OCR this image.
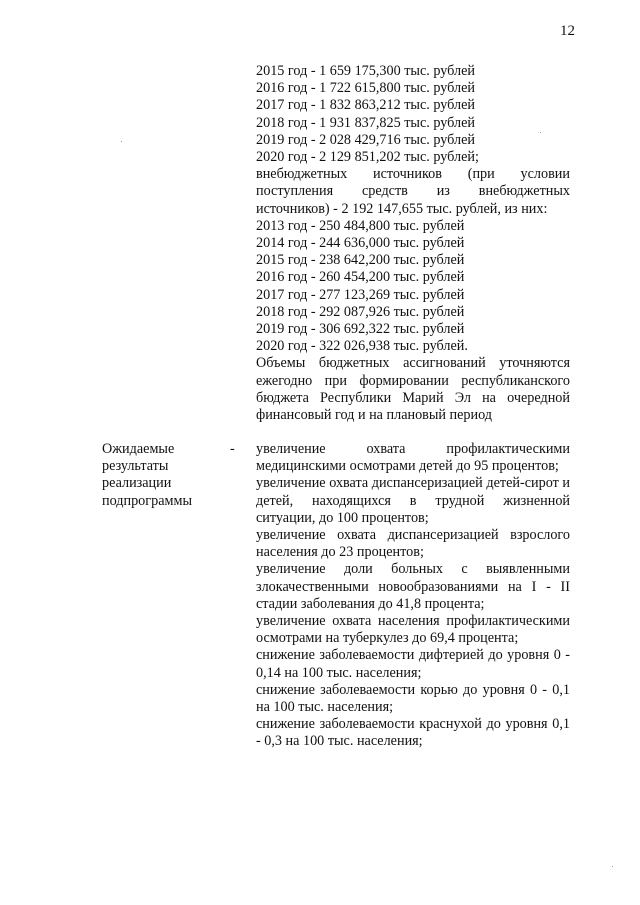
12
2015 год - 1 659 175,300 тыс. рублей
2016 год - 1 722 615,800 тыс. рублей
2017 год - 1 832 863,212 тыс. рублей
2018 год - 1 931 837,825 тыс. рублей
2019 год - 2 028 429,716 тыс. рублей
2020 год - 2 129 851,202 тыс. рублей;
внебюджетных источников (при условии поступления средств из внебюджетных источников) - 2 192 147,655 тыс. рублей, из них:
2013 год - 250 484,800 тыс. рублей
2014 год - 244 636,000 тыс. рублей
2015 год - 238 642,200 тыс. рублей
2016 год - 260 454,200 тыс. рублей
2017 год - 277 123,269 тыс. рублей
2018 год - 292 087,926 тыс. рублей
2019 год - 306 692,322 тыс. рублей
2020 год - 322 026,938 тыс. рублей.
Объемы бюджетных ассигнований уточняются ежегодно при формировании республиканского бюджета Республики Марий Эл на очередной финансовый год и на плановый период
Ожидаемые
результаты
реализации
подпрограммы
- увеличение охвата профилактическими медицинскими осмотрами детей до 95 процентов;
увеличение охвата диспансеризацией детей-сирот и детей, находящихся в трудной жизненной ситуации, до 100 процентов;
увеличение охвата диспансеризацией взрослого населения до 23 процентов;
увеличение доли больных с выявленными злокачественными новообразованиями на I - II стадии заболевания до 41,8 процента;
увеличение охвата населения профилактическими осмотрами на туберкулез до 69,4 процента;
снижение заболеваемости дифтерией до уровня 0 - 0,14 на 100 тыс. населения;
снижение заболеваемости корью до уровня 0 - 0,1 на 100 тыс. населения;
снижение заболеваемости краснухой до уровня 0,1 - 0,3 на 100 тыс. населения;
